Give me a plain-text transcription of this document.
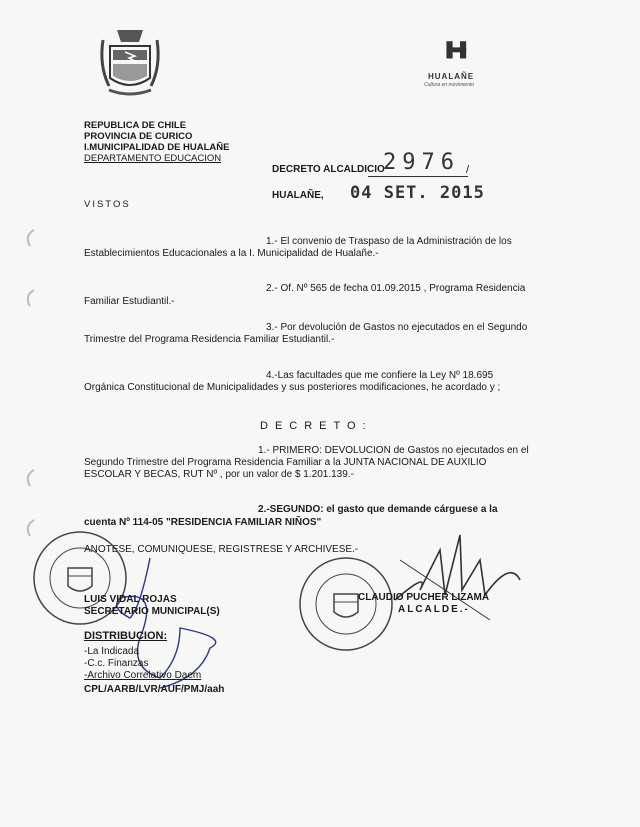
HUALAÑE
Cultura en movimiento
REPUBLICA DE CHILE
PROVINCIA DE CURICO
I.MUNICIPALIDAD DE HUALAÑE
DEPARTAMENTO EDUCACION
DECRETO ALCALDICIO
2976 /
HUALAÑE, 04 SET. 2015
VISTOS
1.- El convenio de Traspaso de la Administración de los
Establecimientos Educacionales a la I. Municipalidad de Hualañe.-
2.- Of. Nº 565 de fecha 01.09.2015 , Programa Residencia
Familiar Estudiantil.-
3.- Por devolución de Gastos no ejecutados en el Segundo
Trimestre del Programa Residencia Familiar Estudiantil.-
4.-Las facultades que me confiere la Ley Nº 18.695
Orgánica Constitucional de Municipalidades y sus posteriores modificaciones, he acordado y ;
DECRETO:
1.- PRIMERO: DEVOLUCION de Gastos no ejecutados en el
Segundo Trimestre del Programa Residencia Familiar a la JUNTA NACIONAL DE AUXILIO
ESCOLAR Y BECAS, RUT Nº , por un valor de $ 1.201.139.-
2.-SEGUNDO: el gasto que demande cárguese a la
cuenta Nº 114-05 "RESIDENCIA FAMILIAR NIÑOS"
ANOTESE, COMUNIQUESE, REGISTRESE Y ARCHIVESE.-
LUIS VIDAL ROJAS
SECRETARIO MUNICIPAL(S)
CLAUDIO PUCHER LIZAMA
ALCALDE.-
DISTRIBUCION:
-La Indicada
-C.c. Finanzas
-Archivo Correlativo Daem
CPL/AARB/LVR/AUF/PMJ/aah
